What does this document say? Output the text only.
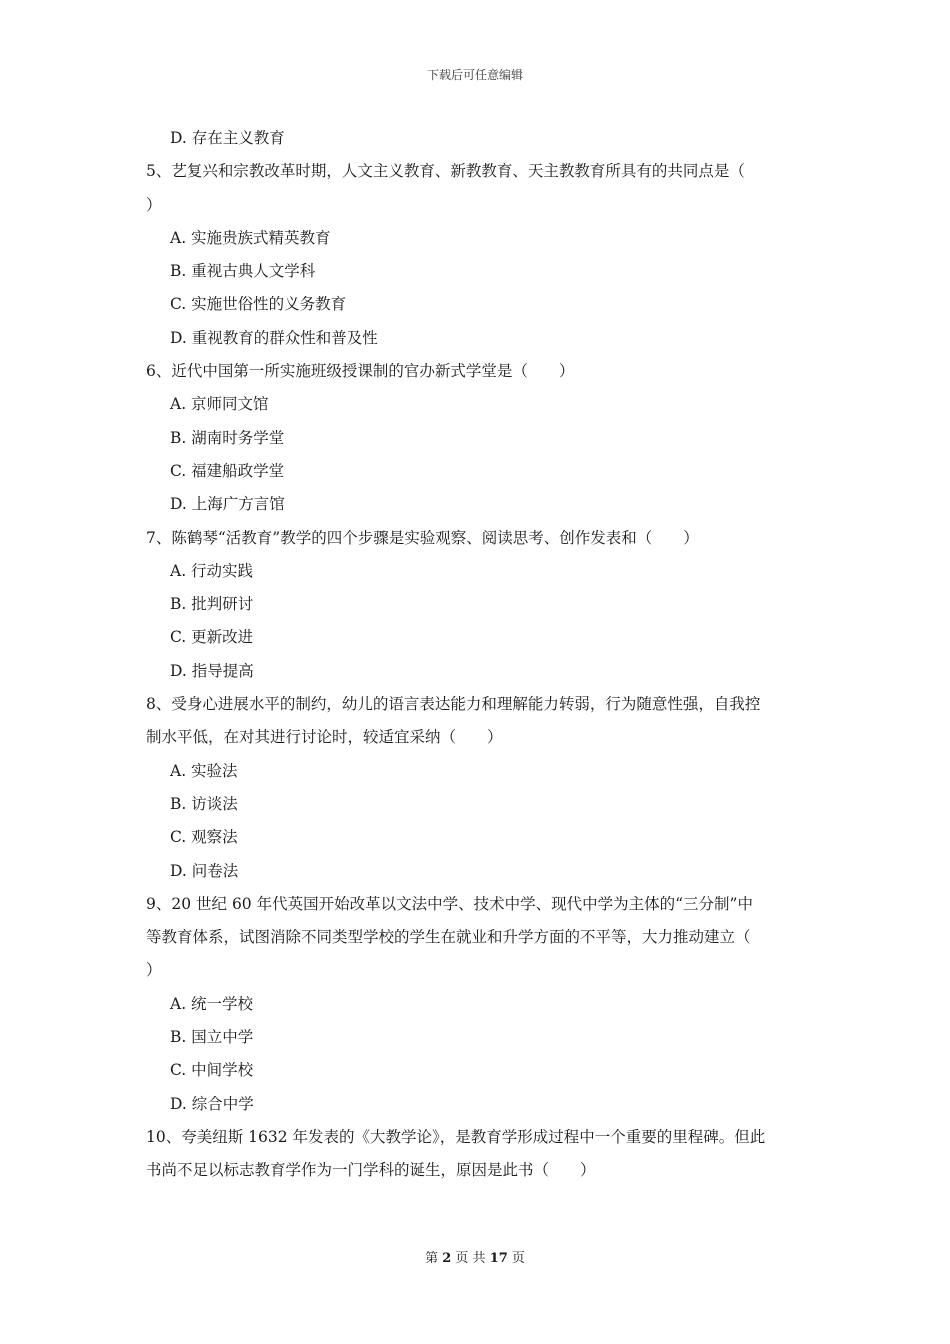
下载后可任意编辑

D. 存在主义教育

5、艺复兴和宗教改革时期，人文主义教育、新教教育、天主教教育所具有的共同点是（

）

A. 实施贵族式精英教育

B. 重视古典人文学科

C. 实施世俗性的义务教育

D. 重视教育的群众性和普及性

6、近代中国第一所实施班级授课制的官办新式学堂是（　　）

A. 京师同文馆

B. 湖南时务学堂

C. 福建船政学堂

D. 上海广方言馆

7、陈鹤琴“活教育”教学的四个步骤是实验观察、阅读思考、创作发表和（　　）

A. 行动实践

B. 批判研讨

C. 更新改进

D. 指导提高

8、受身心进展水平的制约，幼儿的语言表达能力和理解能力转弱，行为随意性强，自我控

制水平低，在对其进行讨论时，较适宜采纳（　　）

A. 实验法

B. 访谈法

C. 观察法

D. 问卷法

9、20 世纪 60 年代英国开始改革以文法中学、技术中学、现代中学为主体的“三分制”中

等教育体系，试图消除不同类型学校的学生在就业和升学方面的不平等，大力推动建立（

）

A. 统一学校

B. 国立中学

C. 中间学校

D. 综合中学

10、夸美纽斯 1632 年发表的《大教学论》，是教育学形成过程中一个重要的里程碑。但此

书尚不足以标志教育学作为一门学科的诞生，原因是此书（　　）

第 2 页 共 17 页
